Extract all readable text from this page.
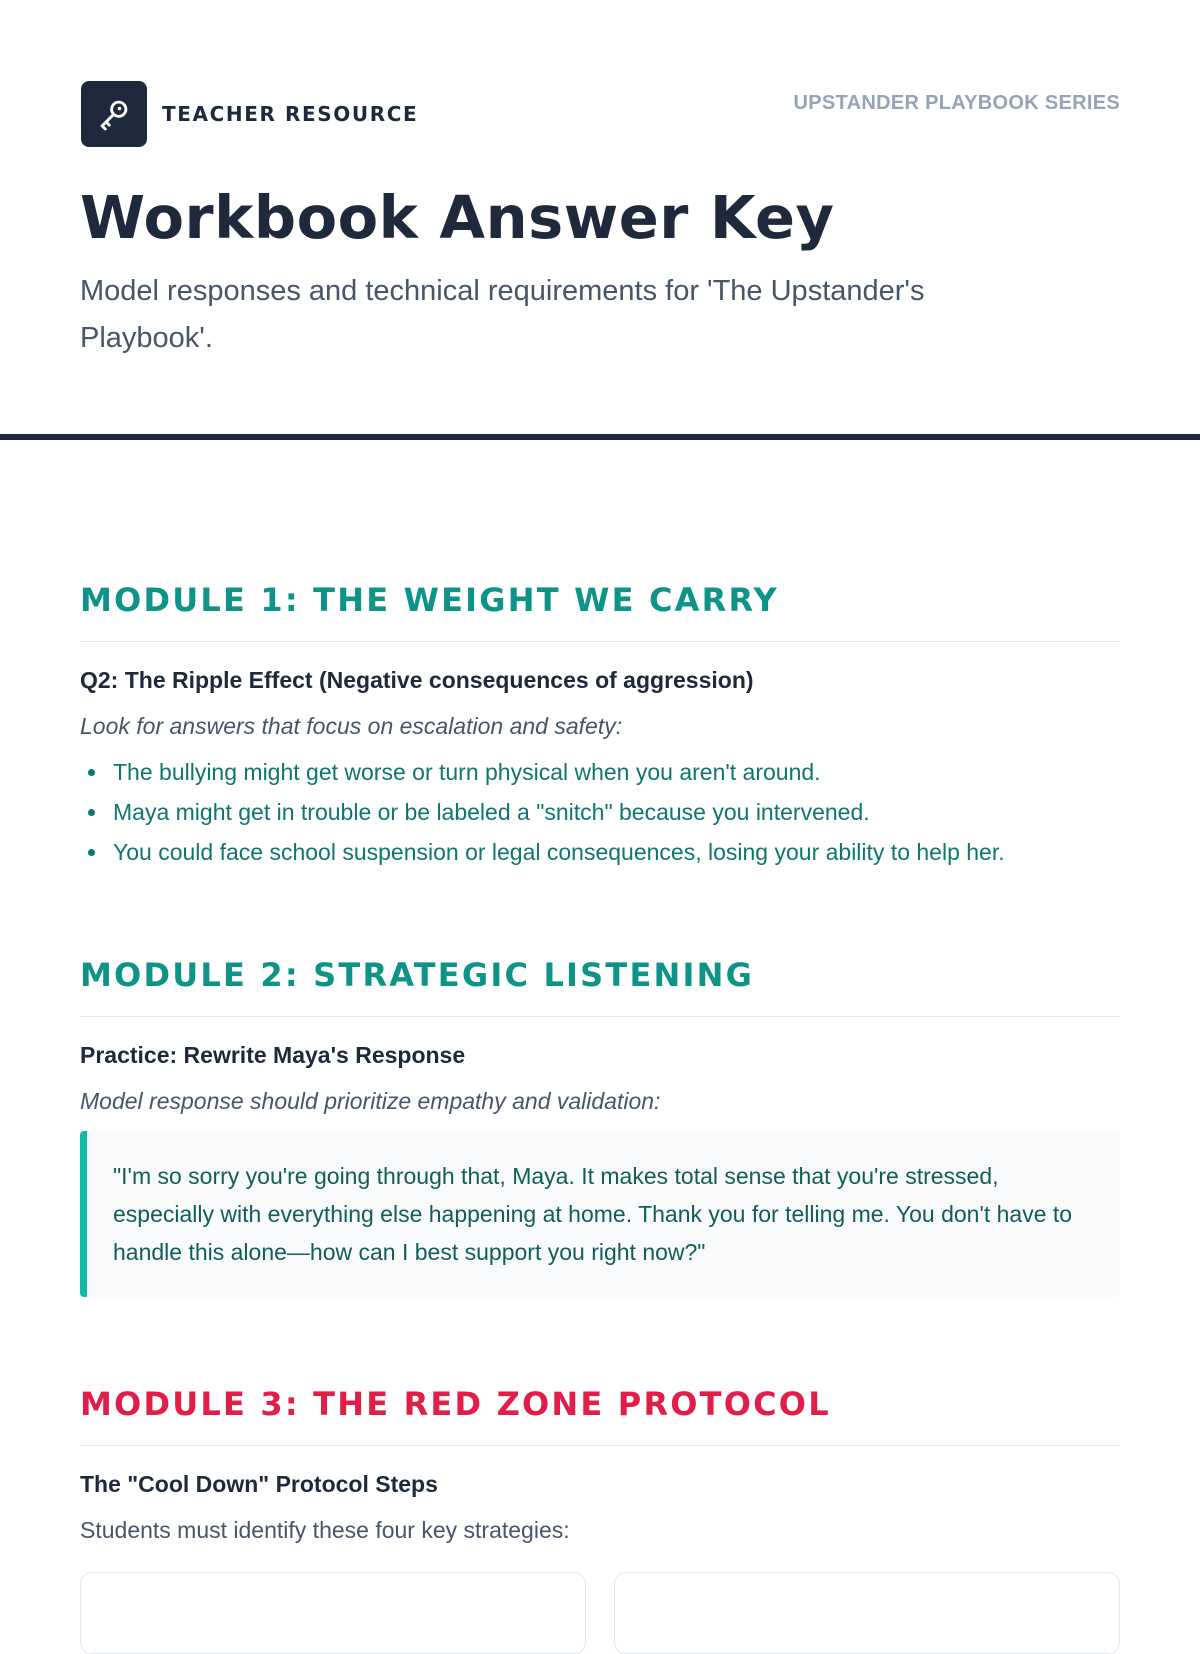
TEACHER RESOURCE	UPSTANDER PLAYBOOK SERIES
Workbook Answer Key

Model responses and technical requirements for 'The Upstander's Playbook'.

MODULE 1: THE WEIGHT WE CARRY
Q2: The Ripple Effect (Negative consequences of aggression)
Look for answers that focus on escalation and safety:
The bullying might get worse or turn physical when you aren't around.
Maya might get in trouble or be labeled a "snitch" because you intervened.
You could face school suspension or legal consequences, losing your ability to help her.
MODULE 2: STRATEGIC LISTENING
Practice: Rewrite Maya's Response
Model response should prioritize empathy and validation:
"I'm so sorry you're going through that, Maya. It makes total sense that you're stressed, especially with everything else happening at home. Thank you for telling me. You don't have to handle this alone—how can I best support you right now?"
MODULE 3: THE RED ZONE PROTOCOL
The "Cool Down" Protocol Steps
Students must identify these four key strategies:
